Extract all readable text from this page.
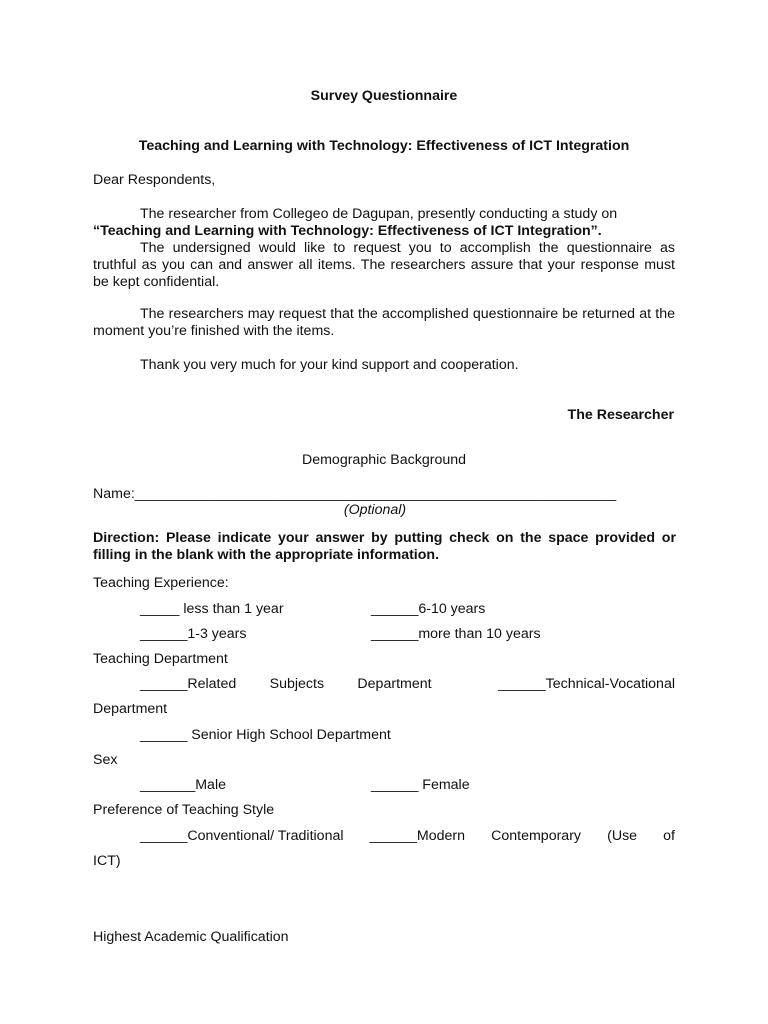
Survey Questionnaire
Teaching and Learning with Technology: Effectiveness of ICT Integration
Dear Respondents,
The researcher from Collegeo de Dagupan, presently conducting a study on
“Teaching and Learning with Technology: Effectiveness of ICT Integration”.
The undersigned would like to request you to accomplish the questionnaire as truthful as you can and answer all items. The researchers assure that your response must be kept confidential.
The researchers may request that the accomplished questionnaire be returned at the moment you’re finished with the items.
Thank you very much for your kind support and cooperation.
The Researcher
Demographic Background
Name:_____________________________________________________________
(Optional)
Direction: Please indicate your answer by putting check on the space provided or filling in the blank with the appropriate information.
Teaching Experience:
_____ less than 1 year	______6-10 years
______1-3 years	______more than 10 years
Teaching Department
______Related Subjects Department	______Technical-Vocational
Department
______ Senior High School Department
Sex
_______Male	______ Female
Preference of Teaching Style
______Conventional/ Traditional ______Modern Contemporary (Use of
ICT)
Highest Academic Qualification
